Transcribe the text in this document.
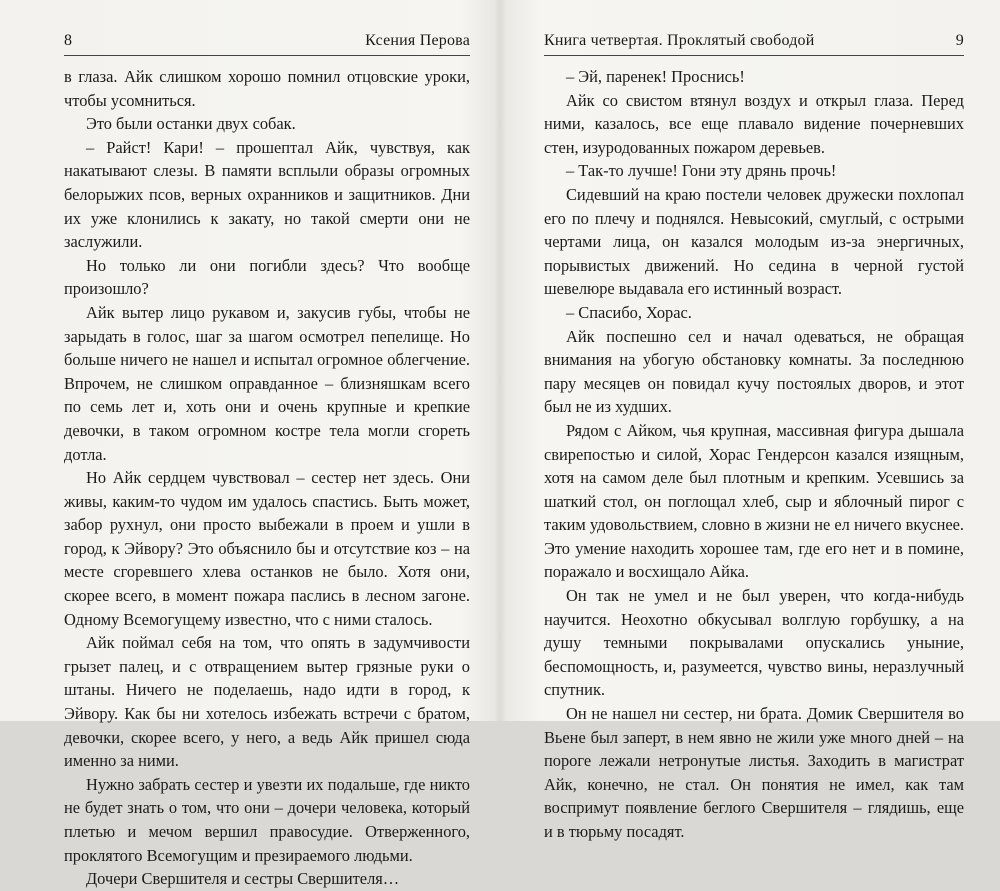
8	Ксения Перова

в глаза. Айк слишком хорошо помнил отцовские уроки, чтобы усомниться.

Это были останки двух собак.

– Райст! Кари! – прошептал Айк, чувствуя, как накатывают слезы. В памяти всплыли образы огромных белорыжих псов, верных охранников и защитников. Дни их уже клонились к закату, но такой смерти они не заслужили.

Но только ли они погибли здесь? Что вообще произошло?

Айк вытер лицо рукавом и, закусив губы, чтобы не зарыдать в голос, шаг за шагом осмотрел пепелище. Но больше ничего не нашел и испытал огромное облегчение. Впрочем, не слишком оправданное – близняшкам всего по семь лет и, хоть они и очень крупные и крепкие девочки, в таком огромном костре тела могли сгореть дотла.

Но Айк сердцем чувствовал – сестер нет здесь. Они живы, каким-то чудом им удалось спастись. Быть может, забор рухнул, они просто выбежали в проем и ушли в город, к Эйвору? Это объяснило бы и отсутствие коз – на месте сгоревшего хлева останков не было. Хотя они, скорее всего, в момент пожара паслись в лесном загоне. Одному Всемогущему известно, что с ними сталось.

Айк поймал себя на том, что опять в задумчивости грызет палец, и с отвращением вытер грязные руки о штаны. Ничего не поделаешь, надо идти в город, к Эйвору. Как бы ни хотелось избежать встречи с братом, девочки, скорее всего, у него, а ведь Айк пришел сюда именно за ними.

Нужно забрать сестер и увезти их подальше, где никто не будет знать о том, что они – дочери человека, который плетью и мечом вершил правосудие. Отверженного, проклятого Всемогущим и презираемого людьми.

Дочери Свершителя и сестры Свершителя…

Книга четвертая. Проклятый свободой	9

– Эй, паренек! Проснись!

Айк со свистом втянул воздух и открыл глаза. Перед ними, казалось, все еще плавало видение почерневших стен, изуродованных пожаром деревьев.

– Так-то лучше! Гони эту дрянь прочь!

Сидевший на краю постели человек дружески похлопал его по плечу и поднялся. Невысокий, смуглый, с острыми чертами лица, он казался молодым из-за энергичных, порывистых движений. Но седина в черной густой шевелюре выдавала его истинный возраст.

– Спасибо, Хорас.

Айк поспешно сел и начал одеваться, не обращая внимания на убогую обстановку комнаты. За последнюю пару месяцев он повидал кучу постоялых дворов, и этот был не из худших.

Рядом с Айком, чья крупная, массивная фигура дышала свирепостью и силой, Хорас Гендерсон казался изящным, хотя на самом деле был плотным и крепким. Усевшись за шаткий стол, он поглощал хлеб, сыр и яблочный пирог с таким удовольствием, словно в жизни не ел ничего вкуснее. Это умение находить хорошее там, где его нет и в помине, поражало и восхищало Айка.

Он так не умел и не был уверен, что когда-нибудь научится. Неохотно обкусывал волглую горбушку, а на душу темными покрывалами опускались уныние, беспомощность, и, разумеется, чувство вины, неразлучный спутник.

Он не нашел ни сестер, ни брата. Домик Свершителя во Вьене был заперт, в нем явно не жили уже много дней – на пороге лежали нетронутые листья. Заходить в магистрат Айк, конечно, не стал. Он понятия не имел, как там воспримут появление беглого Свершителя – глядишь, еще и в тюрьму посадят.
